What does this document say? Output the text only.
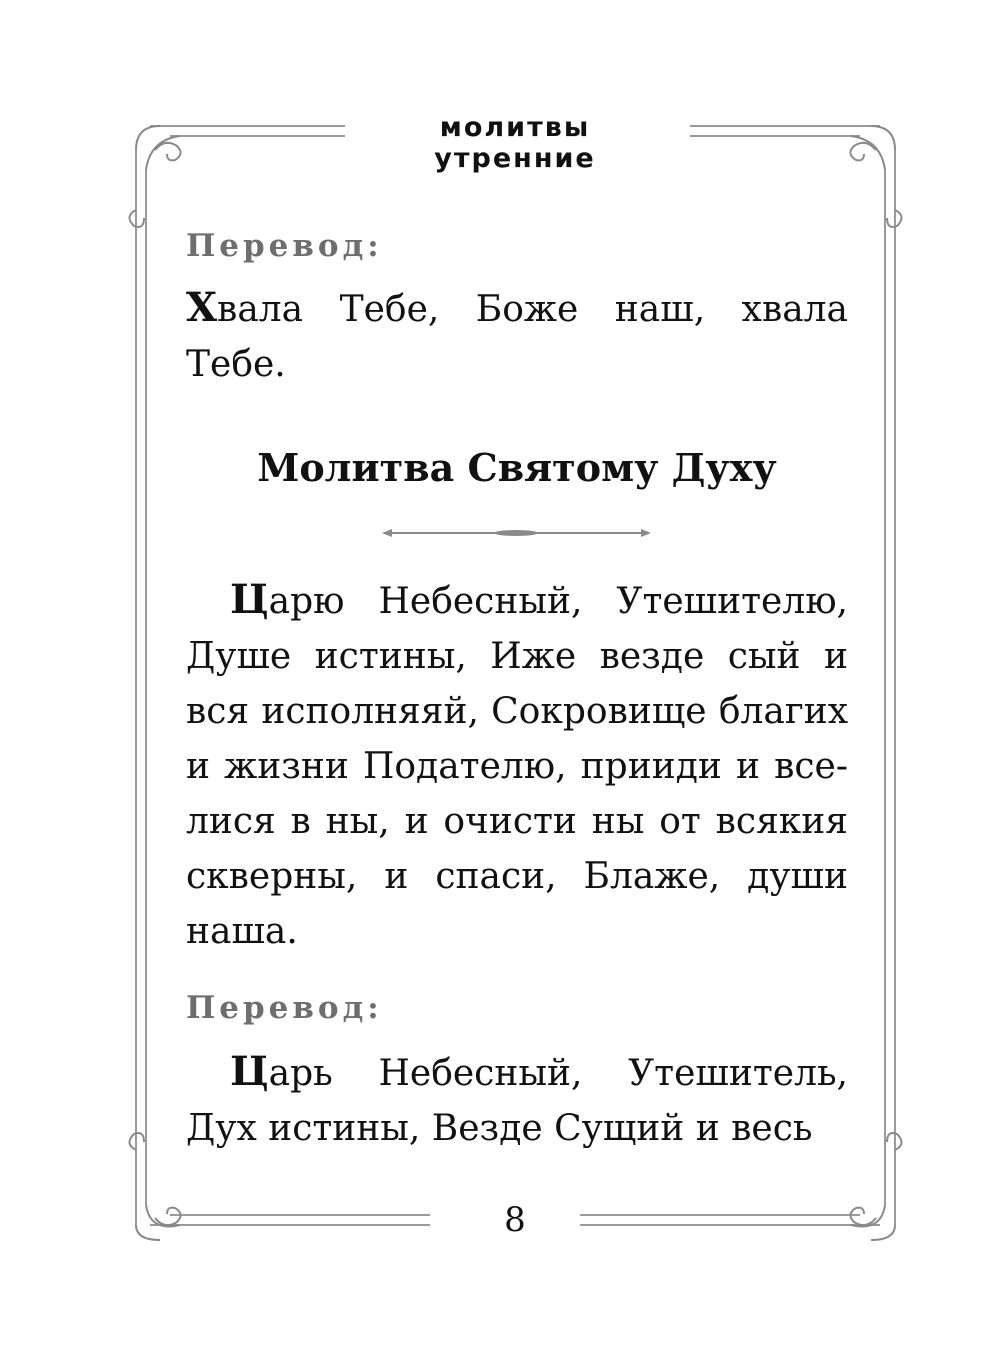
молитвы утренние
Перевод:
Хвала Тебе, Боже наш, хвала Тебе.
Молитва Святому Духу
Царю Небесный, Утешителю, Душе истины, Иже везде сый и вся исполняяй, Сокровище благих и жизни Подателю, прииди и все-лися в ны, и очисти ны от всякия скверны, и спаси, Блаже, души наша.
Перевод:
Царь Небесный, Утешитель, Дух истины, Везде Сущий и весь
8
